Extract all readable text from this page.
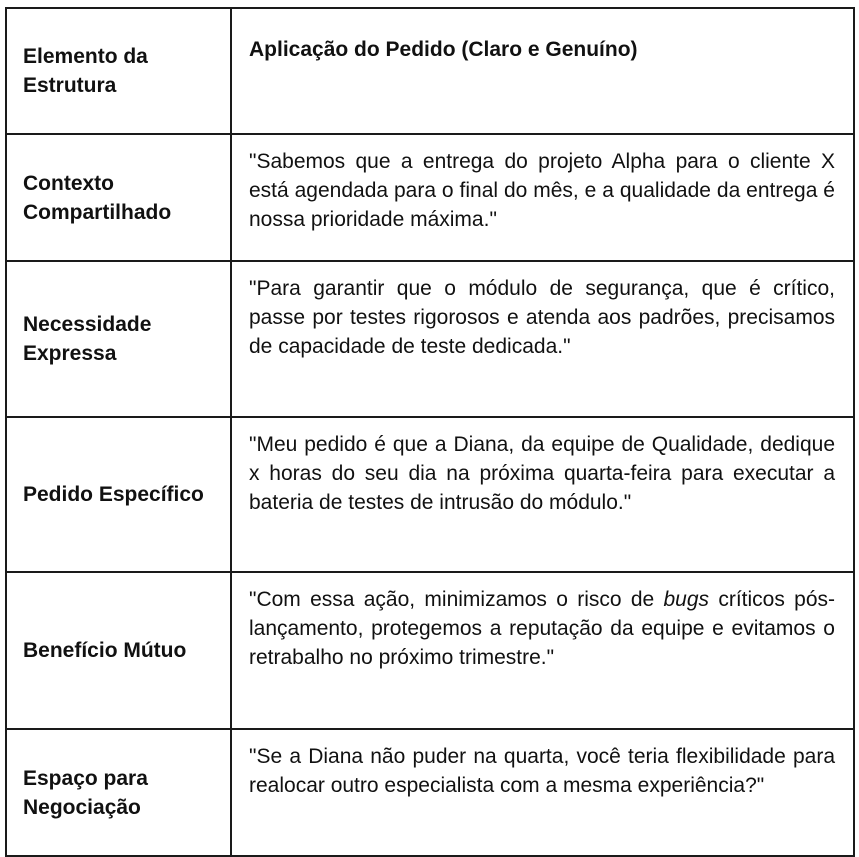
Elemento da Estrutura	Aplicação do Pedido (Claro e Genuíno)
Contexto Compartilhado	"Sabemos que a entrega do projeto Alpha para o cliente X está agendada para o final do mês, e a qualidade da entrega é nossa prioridade máxima."
Necessidade Expressa	"Para garantir que o módulo de segurança, que é crítico, passe por testes rigorosos e atenda aos padrões, precisamos de capacidade de teste dedicada."
Pedido Específico	"Meu pedido é que a Diana, da equipe de Qualidade, dedique x horas do seu dia na próxima quarta-feira para executar a bateria de testes de intrusão do módulo."
Benefício Mútuo	"Com essa ação, minimizamos o risco de bugs críticos pós-lançamento, protegemos a reputação da equipe e evitamos o retrabalho no próximo trimestre."
Espaço para Negociação	"Se a Diana não puder na quarta, você teria flexibilidade para realocar outro especialista com a mesma experiência?"
